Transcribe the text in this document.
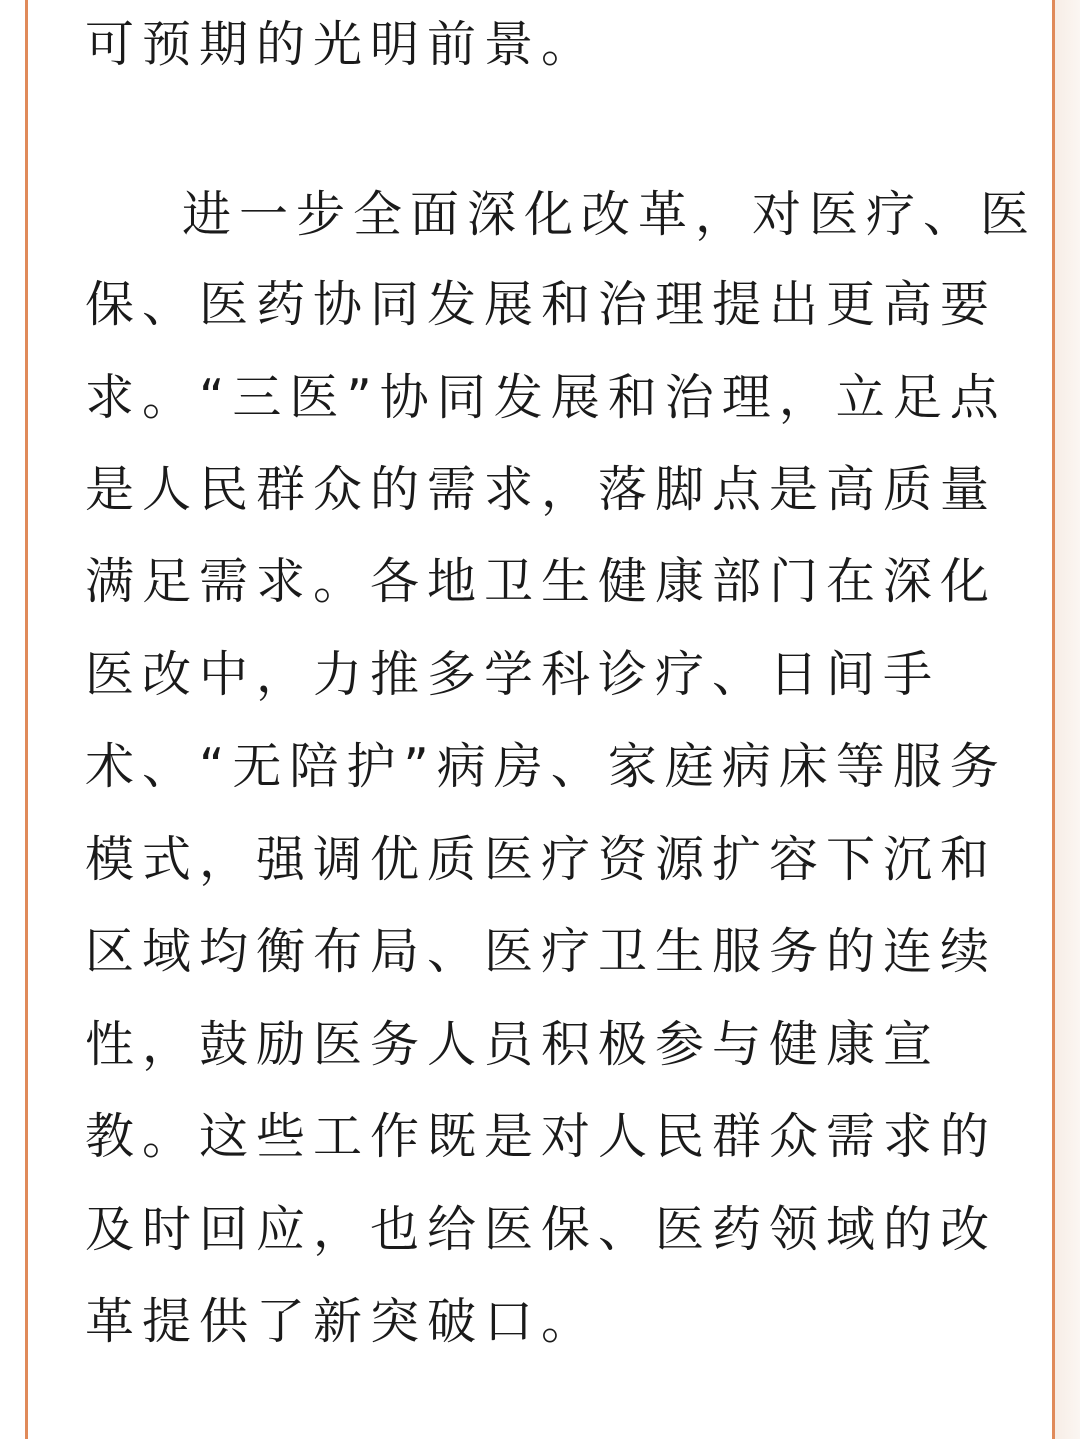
可预期的光明前景。
进一步全面深化改革，对医疗、医
保、医药协同发展和治理提出更高要
求。“三医”协同发展和治理，立足点
是人民群众的需求，落脚点是高质量
满足需求。各地卫生健康部门在深化
医改中，力推多学科诊疗、日间手
术、“无陪护”病房、家庭病床等服务
模式，强调优质医疗资源扩容下沉和
区域均衡布局、医疗卫生服务的连续
性，鼓励医务人员积极参与健康宣
教。这些工作既是对人民群众需求的
及时回应，也给医保、医药领域的改
革提供了新突破口。
